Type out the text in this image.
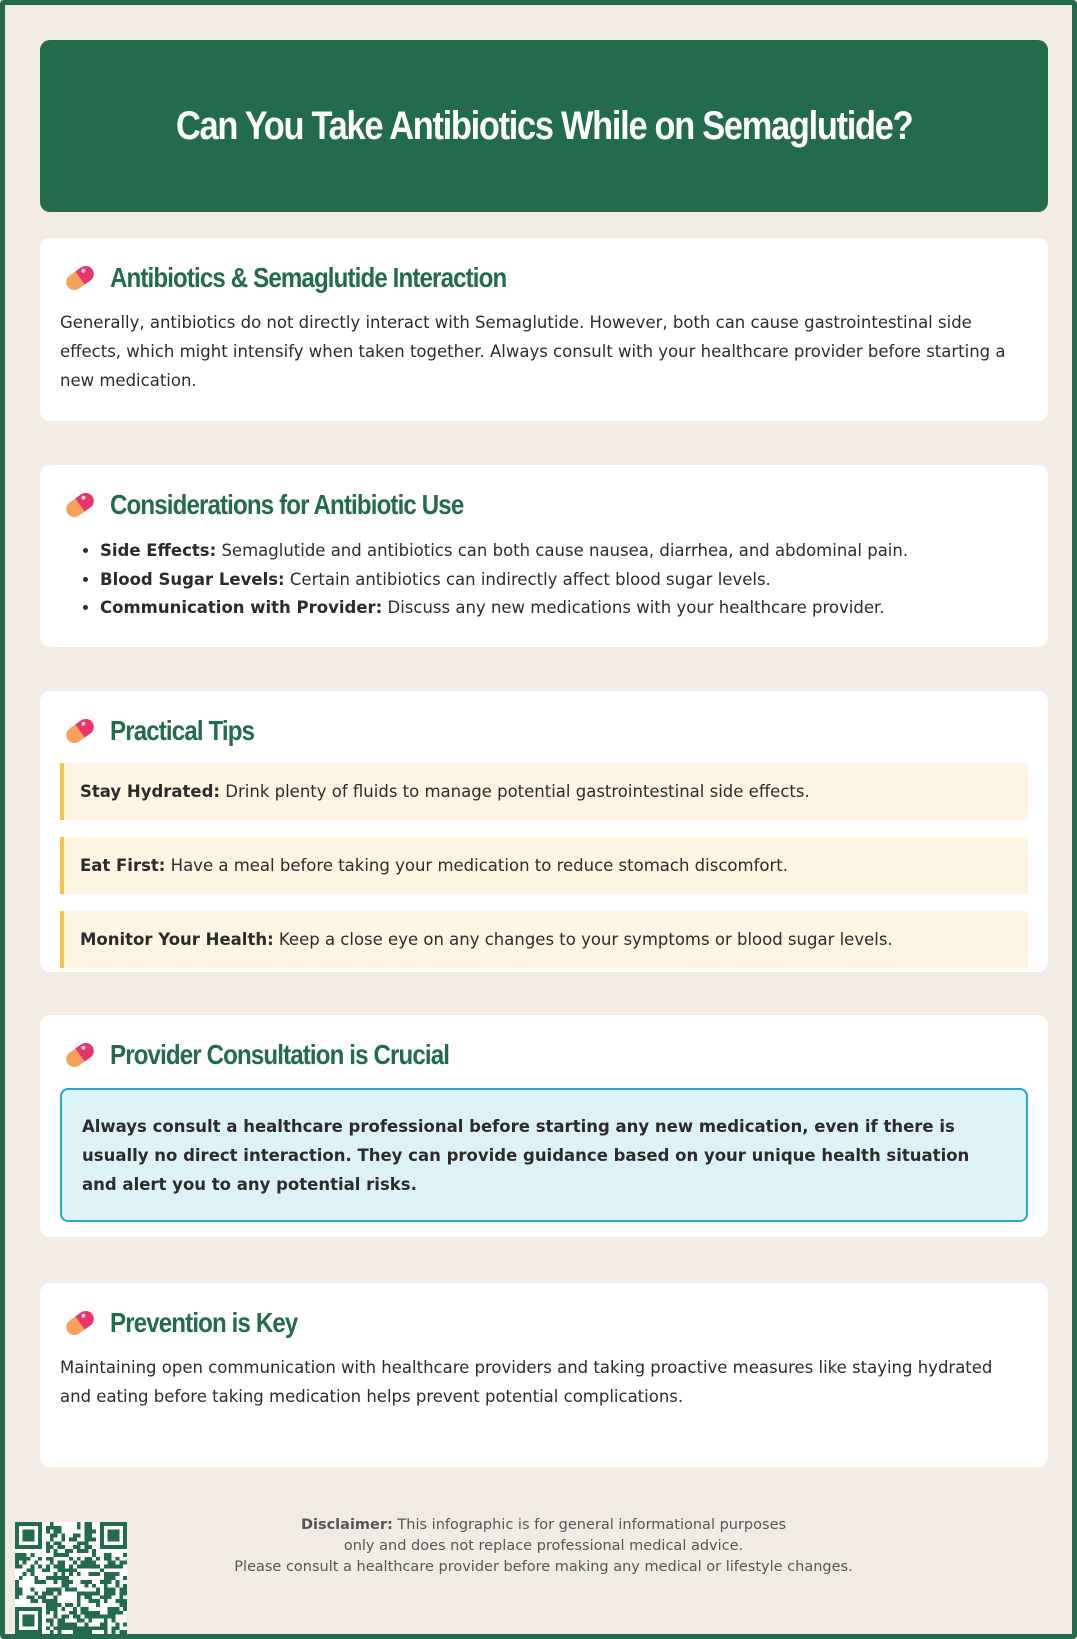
Can You Take Antibiotics While on Semaglutide?
Antibiotics & Semaglutide Interaction

Generally, antibiotics do not directly interact with Semaglutide. However, both can cause gastrointestinal side effects, which might intensify when taken together. Always consult with your healthcare provider before starting a new medication.

Considerations for Antibiotic Use
• Side Effects: Semaglutide and antibiotics can both cause nausea, diarrhea, and abdominal pain.
• Blood Sugar Levels: Certain antibiotics can indirectly affect blood sugar levels.
• Communication with Provider: Discuss any new medications with your healthcare provider.
Practical Tips
Stay Hydrated: Drink plenty of fluids to manage potential gastrointestinal side effects.
Eat First: Have a meal before taking your medication to reduce stomach discomfort.
Monitor Your Health: Keep a close eye on any changes to your symptoms or blood sugar levels.
Provider Consultation is Crucial
Always consult a healthcare professional before starting any new medication, even if there is usually no direct interaction. They can provide guidance based on your unique health situation and alert you to any potential risks.
Prevention is Key

Maintaining open communication with healthcare providers and taking proactive measures like staying hydrated and eating before taking medication helps prevent potential complications.

Disclaimer: This infographic is for general informational purposes
only and does not replace professional medical advice.
Please consult a healthcare provider before making any medical or lifestyle changes.
